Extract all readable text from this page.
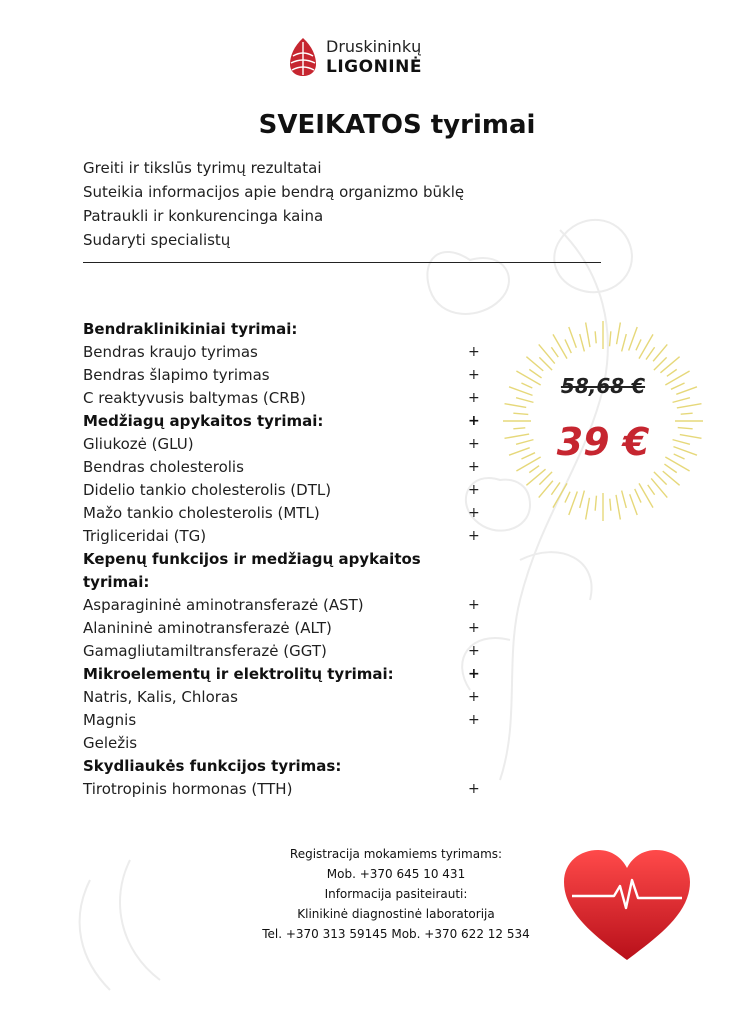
Druskininkų
LIGONINĖ
SVEIKATOS tyrimai
Greiti ir tikslūs tyrimų rezultatai
Suteikia informacijos apie bendrą organizmo būklę
Patraukli ir konkurencinga kaina
Sudaryti specialistų
Bendraklinikiniai tyrimai:
Bendras kraujo tyrimas	+
Bendras šlapimo tyrimas	+
C reaktyvusis baltymas (CRB)	+
Medžiagų apykaitos tyrimai:	+
Gliukozė (GLU)	+
Bendras cholesterolis	+
Didelio tankio cholesterolis (DTL)	+
Mažo tankio cholesterolis (MTL)	+
Trigliceridai (TG)	+
Kepenų funkcijos ir medžiagų apykaitos
tyrimai:
Asparagininė aminotransferazė (AST)	+
Alanininė aminotransferazė (ALT)	+
Gamagliutamiltransferazė (GGT)	+
Mikroelementų ir elektrolitų tyrimai:	+
Natris, Kalis, Chloras	+
Magnis	+
Geležis
Skydliaukės funkcijos tyrimas:
Tirotropinis hormonas (TTH)	+
58,68 €
39 €
Registracija mokamiems tyrimams:
Mob. +370 645 10 431
Informacija pasiteirauti:
Klinikinė diagnostinė laboratorija
Tel. +370 313 59145 Mob. +370 622 12 534
